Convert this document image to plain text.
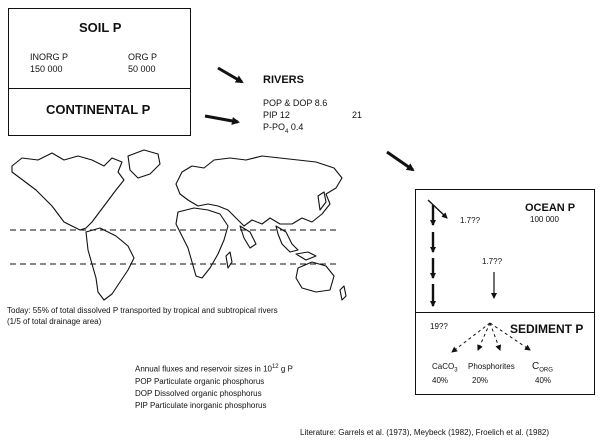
SOIL P
INORG P
150 000
ORG P
50 000
CONTINENTAL P
RIVERS
POP & DOP 8.6
PIP 12	21
$P-PO_4$ 0.4
OCEAN P
100 000
1.7??
1.7??
19??	SEDIMENT P
CaCO$_3$
40%
Phosphorites
20%
$C_{ORG}$
40%
Today: 55% of total dissolved P transported by tropical and subtropical rivers
(1/5 of total drainage area)
Annual fluxes and reservoir sizes in $10^{12}$ g P
POP Particulate organic phosphorus
DOP Dissolved organic phosphorus
PIP Particulate inorganic phosphorus
Literature: Garrels et al. (1973), Meybeck (1982), Froelich et al. (1982)
